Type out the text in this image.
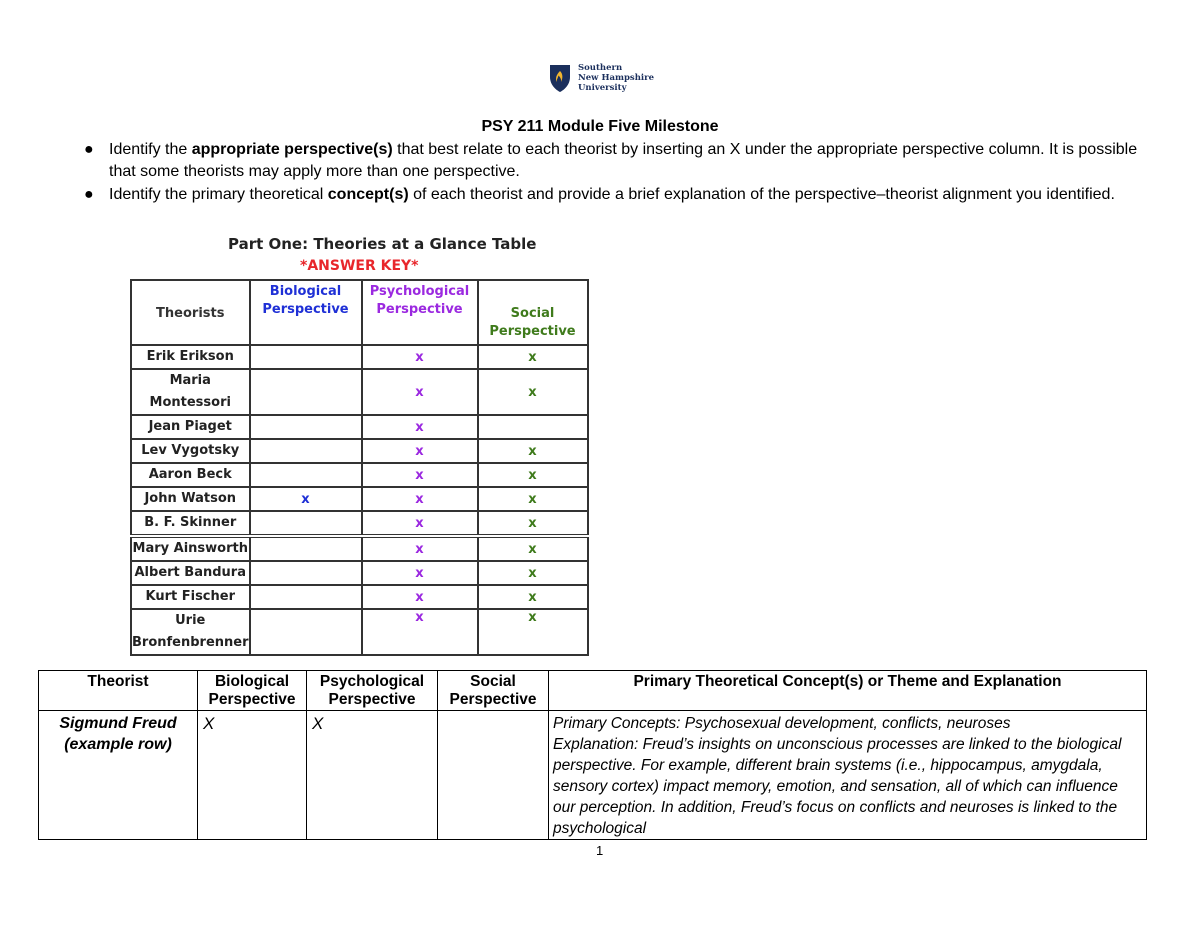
Southern
New Hampshire
University
PSY 211 Module Five Milestone
● Identify the appropriate perspective(s) that best relate to each theorist by inserting an X under the appropriate perspective column. It is possible that some theorists may apply more than one perspective.
● Identify the primary theoretical concept(s) of each theorist and provide a brief explanation of the perspective–theorist alignment you identified.
Part One: Theories at a Glance Table
*ANSWER KEY*
Theorists	Biological Perspective	Psychological Perspective	Social Perspective
Erik Erikson		x	x
Maria Montessori		x	x
Jean Piaget		x	
Lev Vygotsky		x	x
Aaron Beck		x	x
John Watson	x	x	x
B. F. Skinner		x	x
Mary Ainsworth		x	x
Albert Bandura		x	x
Kurt Fischer		x	x
Urie Bronfenbrenner		x	x
Theorist	Biological Perspective	Psychological Perspective	Social Perspective	Primary Theoretical Concept(s) or Theme and Explanation
Sigmund Freud (example row)	X	X		Primary Concepts: Psychosexual development, conflicts, neuroses
Explanation: Freud’s insights on unconscious processes are linked to the biological perspective. For example, different brain systems (i.e., hippocampus, amygdala, sensory cortex) impact memory, emotion, and sensation, all of which can influence our perception. In addition, Freud’s focus on conflicts and neuroses is linked to the psychological
1
